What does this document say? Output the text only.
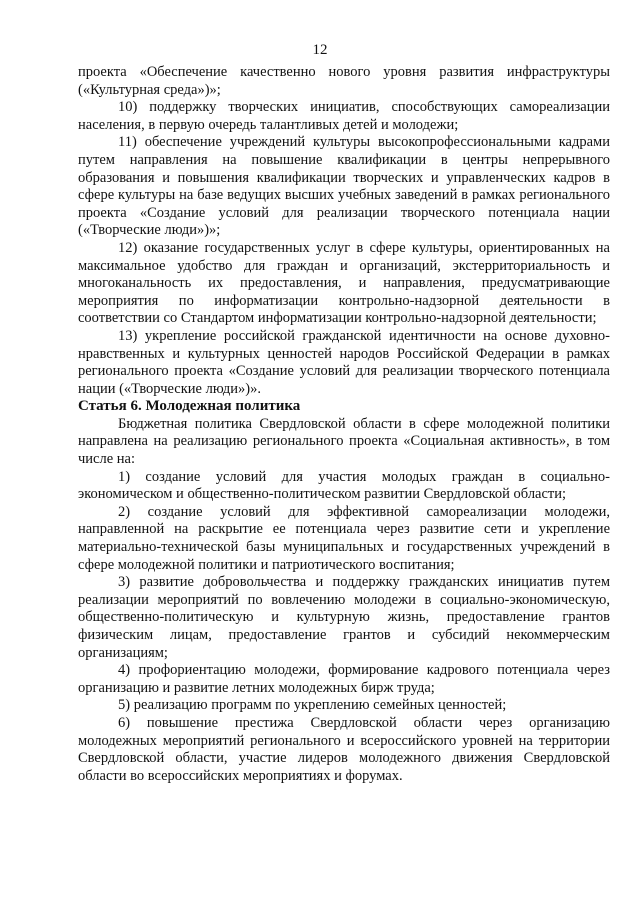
12

проекта «Обеспечение качественно нового уровня развития инфраструктуры («Культурная среда»)»;

10) поддержку творческих инициатив, способствующих самореализации населения, в первую очередь талантливых детей и молодежи;

11) обеспечение учреждений культуры высокопрофессиональными кадрами путем направления на повышение квалификации в центры непрерывного образования и повышения квалификации творческих и управленческих кадров в сфере культуры на базе ведущих высших учебных заведений в рамках регионального проекта «Создание условий для реализации творческого потенциала нации («Творческие люди»)»;

12) оказание государственных услуг в сфере культуры, ориентированных на максимальное удобство для граждан и организаций, экстерриториальность и многоканальность их предоставления, и направления, предусматривающие мероприятия по информатизации контрольно-надзорной деятельности в соответствии со Стандартом информатизации контрольно-надзорной деятельности;

13) укрепление российской гражданской идентичности на основе духовно-нравственных и культурных ценностей народов Российской Федерации в рамках регионального проекта «Создание условий для реализации творческого потенциала нации («Творческие люди»)».

Статья 6. Молодежная политика

Бюджетная политика Свердловской области в сфере молодежной политики направлена на реализацию регионального проекта «Социальная активность», в том числе на:

1) создание условий для участия молодых граждан в социально-экономическом и общественно-политическом развитии Свердловской области;

2) создание условий для эффективной самореализации молодежи, направленной на раскрытие ее потенциала через развитие сети и укрепление материально-технической базы муниципальных и государственных учреждений в сфере молодежной политики и патриотического воспитания;

3) развитие добровольчества и поддержку гражданских инициатив путем реализации мероприятий по вовлечению молодежи в социально-экономическую, общественно-политическую и культурную жизнь, предоставление грантов физическим лицам, предоставление грантов и субсидий некоммерческим организациям;

4) профориентацию молодежи, формирование кадрового потенциала через организацию и развитие летних молодежных бирж труда;

5) реализацию программ по укреплению семейных ценностей;

6) повышение престижа Свердловской области через организацию молодежных мероприятий регионального и всероссийского уровней на территории Свердловской области, участие лидеров молодежного движения Свердловской области во всероссийских мероприятиях и форумах.
